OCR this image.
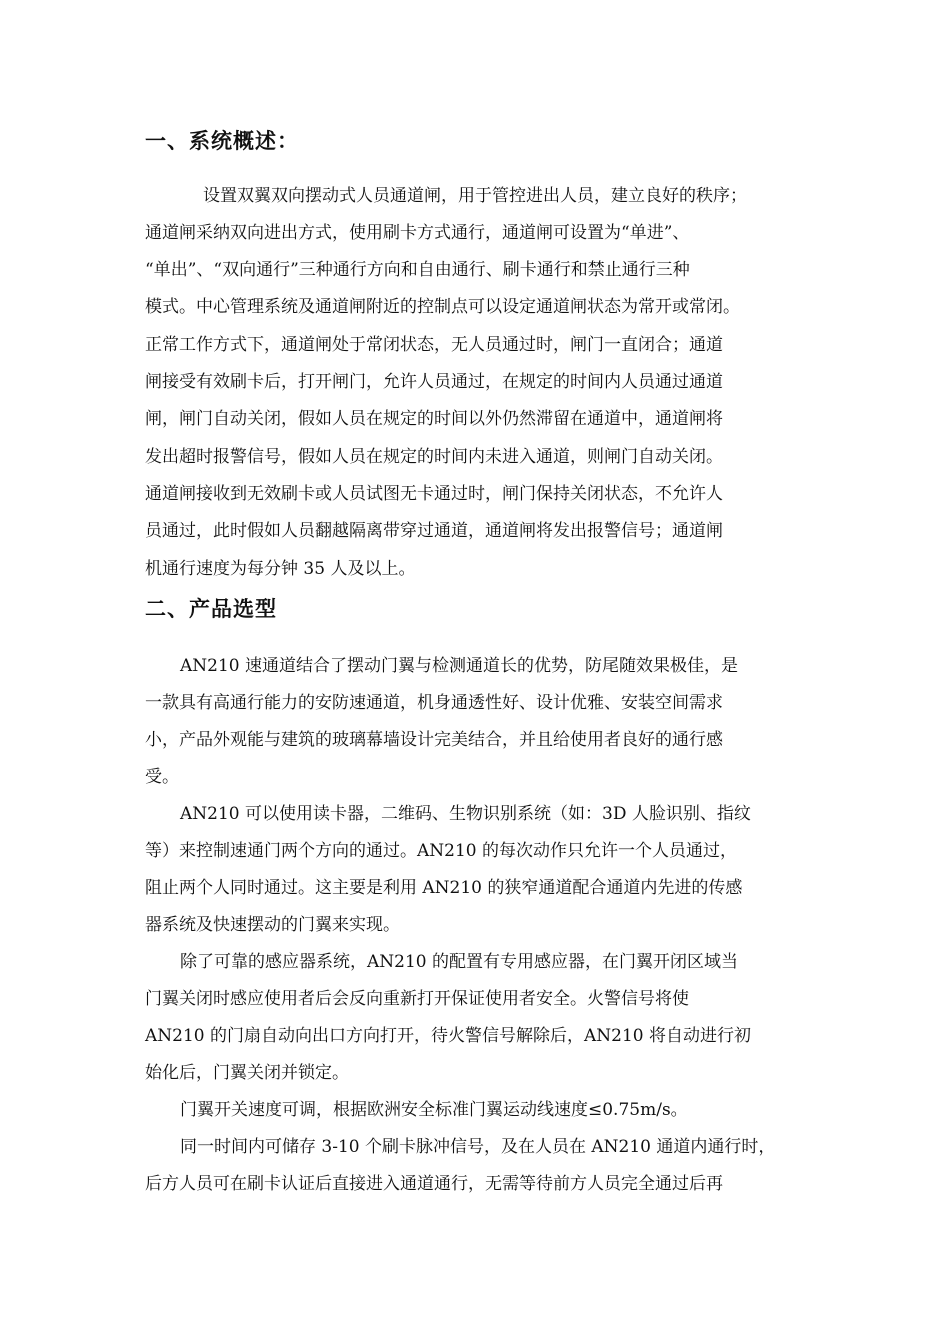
一、系统概述：
设置双翼双向摆动式人员通道闸，用于管控进出人员，建立良好的秩序；
通道闸采纳双向进出方式，使用刷卡方式通行，通道闸可设置为“单进”、
“单出”、“双向通行”三种通行方向和自由通行、刷卡通行和禁止通行三种
模式。中心管理系统及通道闸附近的控制点可以设定通道闸状态为常开或常闭。
正常工作方式下，通道闸处于常闭状态，无人员通过时，闸门一直闭合；通道
闸接受有效刷卡后，打开闸门，允许人员通过，在规定的时间内人员通过通道
闸，闸门自动关闭，假如人员在规定的时间以外仍然滞留在通道中，通道闸将
发出超时报警信号，假如人员在规定的时间内未进入通道，则闸门自动关闭。
通道闸接收到无效刷卡或人员试图无卡通过时，闸门保持关闭状态，不允许人
员通过，此时假如人员翻越隔离带穿过通道，通道闸将发出报警信号；通道闸
机通行速度为每分钟 35 人及以上。
二、产品选型
AN210 速通道结合了摆动门翼与检测通道长的优势，防尾随效果极佳，是
一款具有高通行能力的安防速通道，机身通透性好、设计优雅、安装空间需求
小，产品外观能与建筑的玻璃幕墙设计完美结合，并且给使用者良好的通行感
受。
AN210 可以使用读卡器，二维码、生物识别系统（如：3D 人脸识别、指纹
等）来控制速通门两个方向的通过。AN210 的每次动作只允许一个人员通过，
阻止两个人同时通过。这主要是利用 AN210 的狭窄通道配合通道内先进的传感
器系统及快速摆动的门翼来实现。
除了可靠的感应器系统，AN210 的配置有专用感应器，在门翼开闭区域当
门翼关闭时感应使用者后会反向重新打开保证使用者安全。火警信号将使
AN210 的门扇自动向出口方向打开，待火警信号解除后，AN210 将自动进行初
始化后，门翼关闭并锁定。
门翼开关速度可调，根据欧洲安全标准门翼运动线速度≤0.75m/s。
同一时间内可储存 3-10 个刷卡脉冲信号，及在人员在 AN210 通道内通行时，
后方人员可在刷卡认证后直接进入通道通行，无需等待前方人员完全通过后再
